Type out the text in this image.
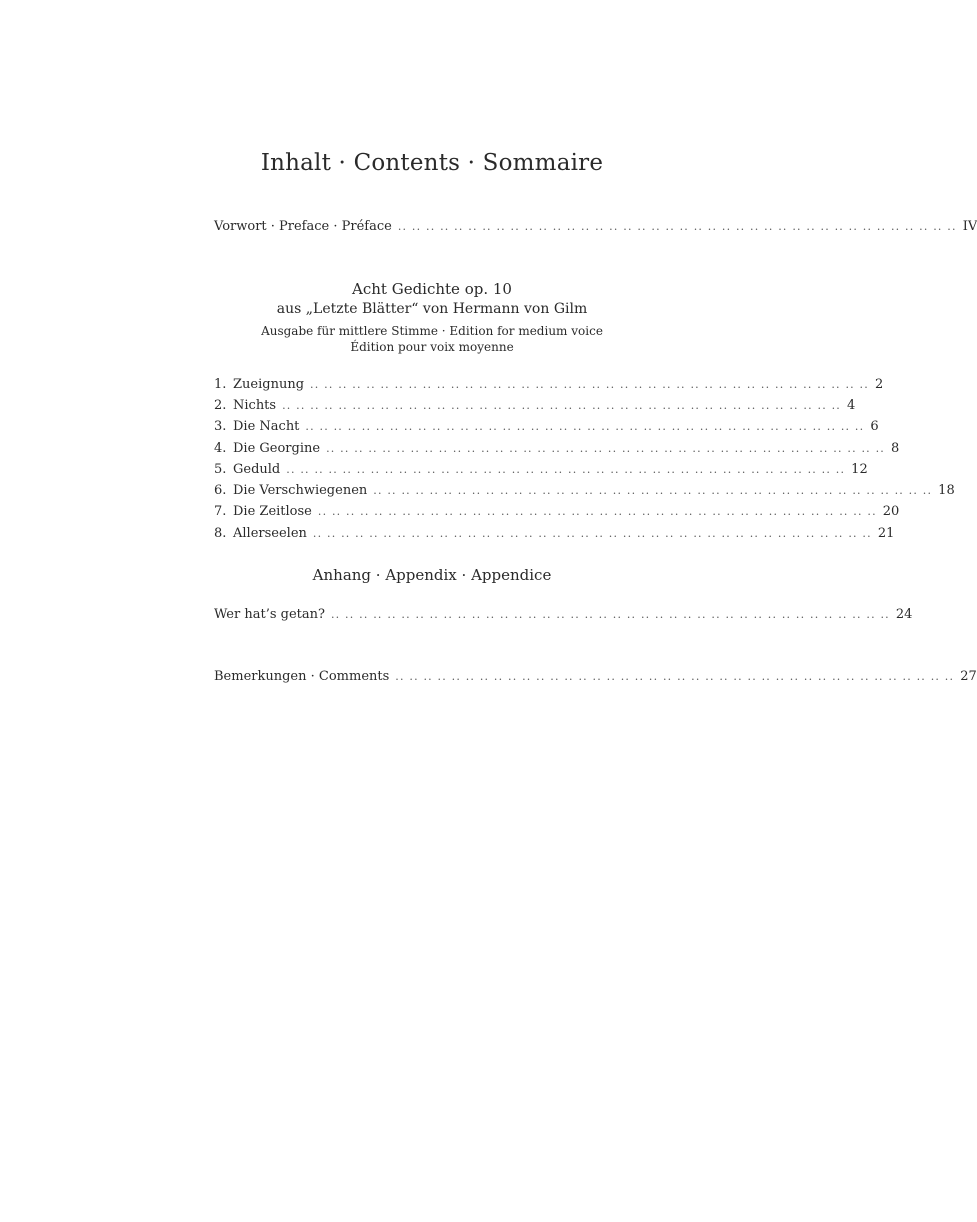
Inhalt · Contents · Sommaire
Vorwort · Preface · Préface .. .. .. .. .. .. .. .. .. .. .. .. .. .. .. .. .. .. .. .. .. .. .. .. .. .. .. .. .. .. .. .. .. .. .. .. .. .. .. .. IV
Acht Gedichte op. 10
aus „Letzte Blätter“ von Hermann von Gilm
Ausgabe für mittlere Stimme · Edition for medium voice
Édition pour voix moyenne
1. Zueignung .. .. .. .. .. .. .. .. .. .. .. .. .. .. .. .. .. .. .. .. .. .. .. .. .. .. .. .. .. .. .. .. .. .. .. .. .. .. .. .. 2
2. Nichts .. .. .. .. .. .. .. .. .. .. .. .. .. .. .. .. .. .. .. .. .. .. .. .. .. .. .. .. .. .. .. .. .. .. .. .. .. .. .. .. 4
3. Die Nacht .. .. .. .. .. .. .. .. .. .. .. .. .. .. .. .. .. .. .. .. .. .. .. .. .. .. .. .. .. .. .. .. .. .. .. .. .. .. .. .. 6
4. Die Georgine .. .. .. .. .. .. .. .. .. .. .. .. .. .. .. .. .. .. .. .. .. .. .. .. .. .. .. .. .. .. .. .. .. .. .. .. .. .. .. .. 8
5. Geduld .. .. .. .. .. .. .. .. .. .. .. .. .. .. .. .. .. .. .. .. .. .. .. .. .. .. .. .. .. .. .. .. .. .. .. .. .. .. .. .. 12
6. Die Verschwiegenen .. .. .. .. .. .. .. .. .. .. .. .. .. .. .. .. .. .. .. .. .. .. .. .. .. .. .. .. .. .. .. .. .. .. .. .. .. .. .. .. 18
7. Die Zeitlose .. .. .. .. .. .. .. .. .. .. .. .. .. .. .. .. .. .. .. .. .. .. .. .. .. .. .. .. .. .. .. .. .. .. .. .. .. .. .. .. 20
8. Allerseelen .. .. .. .. .. .. .. .. .. .. .. .. .. .. .. .. .. .. .. .. .. .. .. .. .. .. .. .. .. .. .. .. .. .. .. .. .. .. .. .. 21
Anhang · Appendix · Appendice
Wer hat’s getan? .. .. .. .. .. .. .. .. .. .. .. .. .. .. .. .. .. .. .. .. .. .. .. .. .. .. .. .. .. .. .. .. .. .. .. .. .. .. .. .. 24
Bemerkungen · Comments .. .. .. .. .. .. .. .. .. .. .. .. .. .. .. .. .. .. .. .. .. .. .. .. .. .. .. .. .. .. .. .. .. .. .. .. .. .. .. .. 27
